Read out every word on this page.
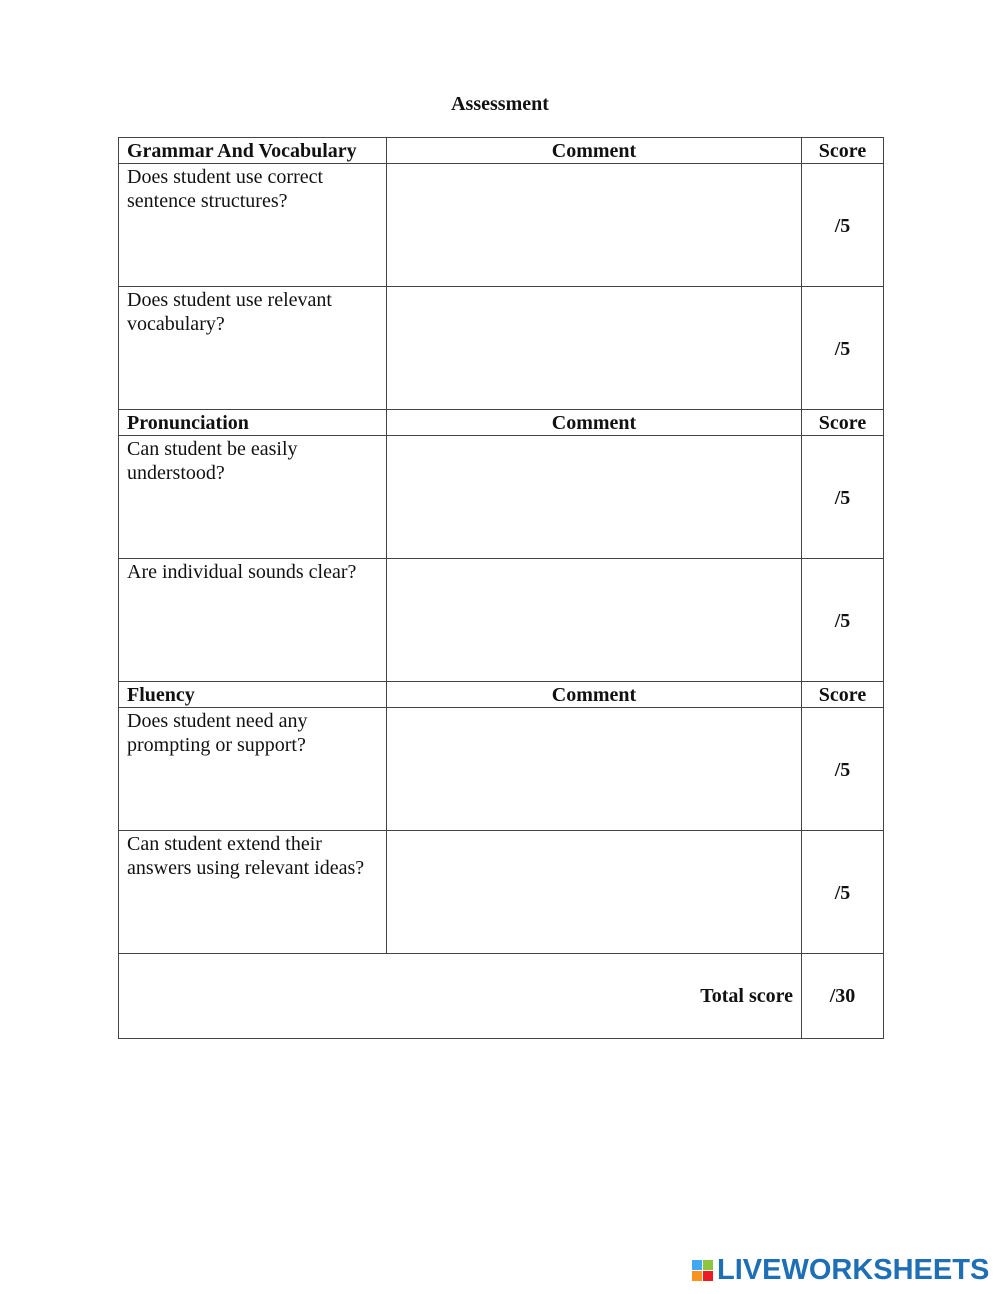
Assessment
Grammar And Vocabulary	Comment	Score
Does student use correct sentence structures?		/5
Does student use relevant vocabulary?		/5
Pronunciation	Comment	Score
Can student be easily understood?		/5
Are individual sounds clear?		/5
Fluency	Comment	Score
Does student need any prompting or support?		/5
Can student extend their answers using relevant ideas?		/5
Total score		/30
LIVEWORKSHEETS
